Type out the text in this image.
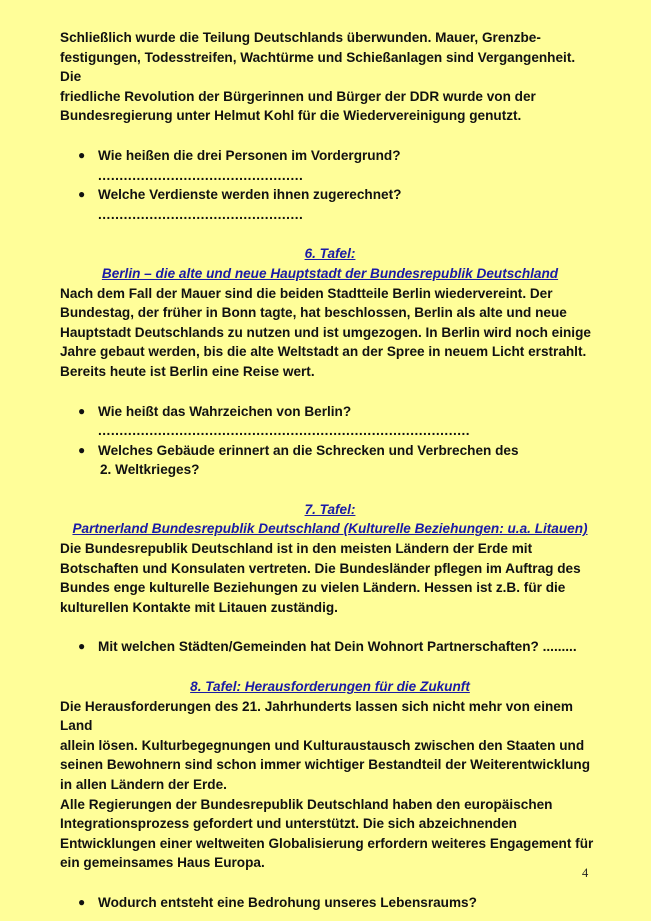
Schließlich wurde die Teilung Deutschlands überwunden. Mauer, Grenzbe-
festigungen, Todesstreifen, Wachtürme und Schießanlagen sind Vergangenheit. Die
friedliche Revolution der Bürgerinnen und Bürger der DDR wurde von der
Bundesregierung unter Helmut Kohl für die Wiedervereinigung genutzt.

● Wie heißen die drei Personen im Vordergrund?
................................................
● Welche Verdienste werden ihnen zugerechnet?
................................................

6. Tafel:

Berlin – die alte und neue Hauptstadt der Bundesrepublik Deutschland

Nach dem Fall der Mauer sind die beiden Stadtteile Berlin wiedervereint. Der
Bundestag, der früher in Bonn tagte, hat beschlossen, Berlin als alte und neue
Hauptstadt Deutschlands zu nutzen und ist umgezogen. In Berlin wird noch einige
Jahre gebaut werden, bis die alte Weltstadt an der Spree in neuem Licht erstrahlt.
Bereits heute ist Berlin eine Reise wert.

● Wie heißt das Wahrzeichen von Berlin?
.......................................................................................
● Welches Gebäude erinnert an die Schrecken und Verbrechen des
2. Weltkrieges?

7. Tafel:

Partnerland Bundesrepublik Deutschland (Kulturelle Beziehungen: u.a. Litauen)

Die Bundesrepublik Deutschland ist in den meisten Ländern der Erde mit
Botschaften und Konsulaten vertreten. Die Bundesländer pflegen im Auftrag des
Bundes enge kulturelle Beziehungen zu vielen Ländern. Hessen ist z.B. für die
kulturellen Kontakte mit Litauen zuständig.

● Mit welchen Städten/Gemeinden hat Dein Wohnort Partnerschaften? .........

8. Tafel: Herausforderungen für die Zukunft

Die Herausforderungen des 21. Jahrhunderts lassen sich nicht mehr von einem Land
allein lösen. Kulturbegegnungen und Kulturaustausch zwischen den Staaten und
seinen Bewohnern sind schon immer wichtiger Bestandteil der Weiterentwicklung
in allen Ländern der Erde.
Alle Regierungen der Bundesrepublik Deutschland haben den europäischen
Integrationsprozess gefordert und unterstützt. Die sich abzeichnenden
Entwicklungen einer weltweiten Globalisierung erfordern weiteres Engagement für
ein gemeinsames Haus Europa.

● Wodurch entsteht eine Bedrohung unseres Lebensraums?
4
